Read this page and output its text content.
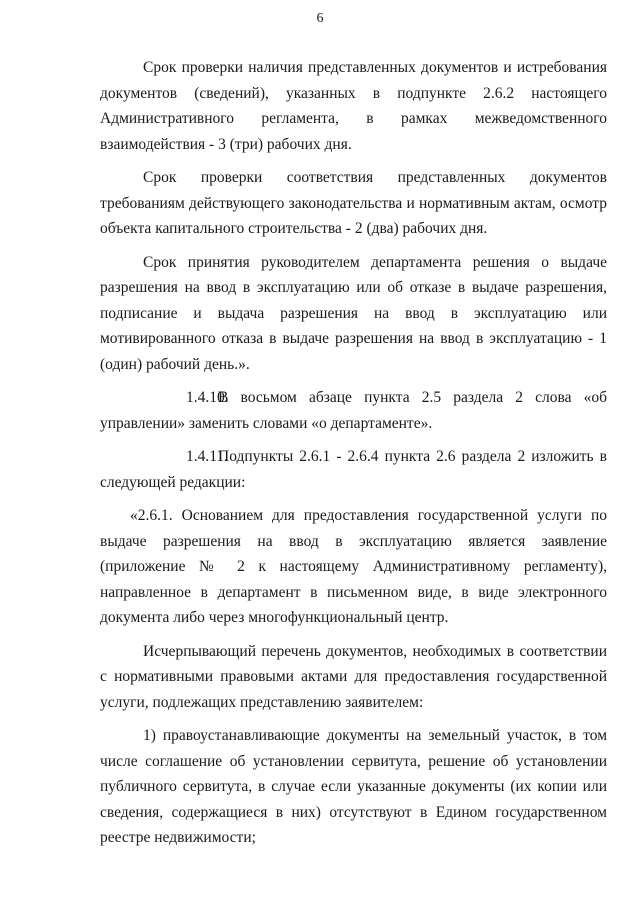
6

Срок проверки наличия представленных документов и истребования документов (сведений), указанных в подпункте 2.6.2 настоящего Административного регламента, в рамках межведомственного взаимодействия - 3 (три) рабочих дня.

Срок проверки соответствия представленных документов требованиям действующего законодательства и нормативным актам, осмотр объекта капитального строительства - 2 (два) рабочих дня.

Срок принятия руководителем департамента решения о выдаче разрешения на ввод в эксплуатацию или об отказе в выдаче разрешения, подписание и выдача разрешения на ввод в эксплуатацию или мотивированного отказа в выдаче разрешения на ввод в эксплуатацию - 1 (один) рабочий день.».

1.4.10.В восьмом абзаце пункта 2.5 раздела 2 слова «об управлении» заменить словами «о департаменте».

1.4.11.Подпункты 2.6.1 - 2.6.4 пункта 2.6 раздела 2 изложить в следующей редакции:

«2.6.1. Основанием для предоставления государственной услуги по выдаче разрешения на ввод в эксплуатацию является заявление (приложение № 2 к настоящему Административному регламенту), направленное в департамент в письменном виде, в виде электронного документа либо через многофункциональный центр.

Исчерпывающий перечень документов, необходимых в соответствии с нормативными правовыми актами для предоставления государственной услуги, подлежащих представлению заявителем:

1) правоустанавливающие документы на земельный участок, в том числе соглашение об установлении сервитута, решение об установлении публичного сервитута, в случае если указанные документы (их копии или сведения, содержащиеся в них) отсутствуют в Едином государственном реестре недвижимости;
